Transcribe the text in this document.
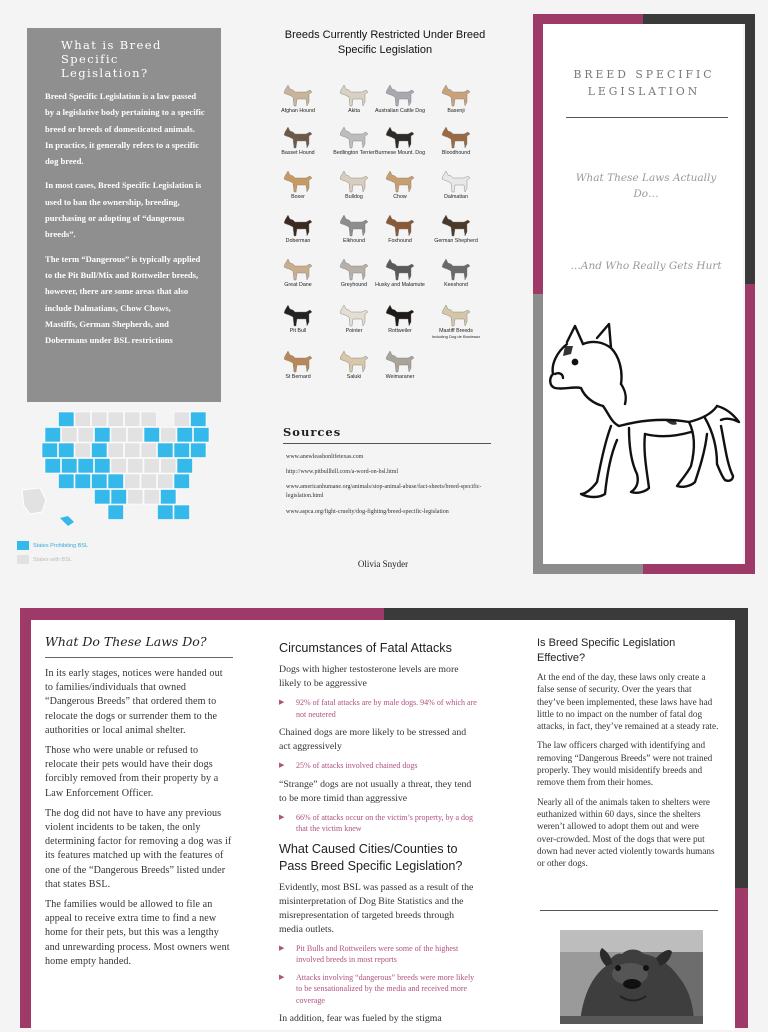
What is Breed Specific Legislation?

Breed Specific Legislation is a law passed by a legislative body pertaining to a specific breed or breeds of domesticated animals. In practice, it generally refers to a specific dog breed.

In most cases, Breed Specific Legislation is used to ban the ownership, breeding, purchasing or adopting of “dangerous breeds”.

The term “Dangerous” is typically applied to the Pit Bull/Mix and Rottweiler breeds, however, there are some areas that also include Dalmatians, Chow Chows, Mastiffs, German Shepherds, and Dobermans under BSL restrictions

States Prohibiting BSL
States with BSL
Breeds Currently Restricted Under Breed Specific Legislation
Afghan Hound	Akita	Australian Cattle Dog	Basenji
Basset Hound	Bedlington Terrier Burmese Mount. Dog	Bloodhound
Boxer	Bulldog	Chow	Dalmatian
Doberman	Elkhound	Foxhound	German Shepherd
Great Dane	Greyhound	Husky and Malamute	Keeshond
Pit Bull	Pointer	Rottweiler	Mastiff Breeds
Including Dog de Bordeaux
St Bernard	Saluki	Weimaraner
Sources
www.anewleashonlifetexas.com
http://www.pitbullhill.com/a-word-on-bsl.html
www.americanhumane.org/animals/stop-animal-abuse/fact-sheets/breed-specific-legislation.html
www.aspca.org/fight-cruelty/dog-fighting/breed-specific-legislation
Olivia Snyder
BREED SPECIFIC LEGISLATION
What These Laws Actually Do…
…And Who Really Gets Hurt
What Do These Laws Do?

In its early stages, notices were handed out to families/individuals that owned “Dangerous Breeds” that ordered them to relocate the dogs or surrender them to the authorities or local animal shelter.

Those who were unable or refused to relocate their pets would have their dogs forcibly removed from their property by a Law Enforcement Officer.

The dog did not have to have any previous violent incidents to be taken, the only determining factor for removing a dog was if its features matched up with the features of one of the “Dangerous Breeds” listed under that states BSL.

The families would be allowed to file an appeal to receive extra time to find a new home for their pets, but this was a lengthy and unrewarding process. Most owners went home empty handed.

Circumstances of Fatal Attacks

Dogs with higher testosterone levels are more likely to be aggressive

▶ 92% of fatal attacks are by male dogs. 94% of which are not neutered

Chained dogs are more likely to be stressed and act aggressively

▶ 25% of attacks involved chained dogs

“Strange” dogs are not usually a threat, they tend to be more timid than aggressive

▶ 66% of attacks occur on the victim’s property, by a dog that the victim knew

What Caused Cities/Counties to Pass Breed Specific Legislation?

Evidently, most BSL was passed as a result of the misinterpretation of Dog Bite Statistics and the misrepresentation of targeted breeds through media outlets.

▶ Pit Bulls and Rottweilers were some of the highest involved breeds in most reports

▶ Attacks involving “dangerous” breeds were more likely to be sensationalized by the media and received more coverage

In addition, fear was fueled by the stigma

Is Breed Specific Legislation Effective?

At the end of the day, these laws only create a false sense of security. Over the years that they’ve been implemented, these laws have had little to no impact on the number of fatal dog attacks, in fact, they’ve remained at a steady rate.

The law officers charged with identifying and removing “Dangerous Breeds” were not trained properly. They would misidentify breeds and remove them from their homes.

Nearly all of the animals taken to shelters were euthanized within 60 days, since the shelters weren’t allowed to adopt them out and were over-crowded. Most of the dogs that were put down had never acted violently towards humans or other dogs.
